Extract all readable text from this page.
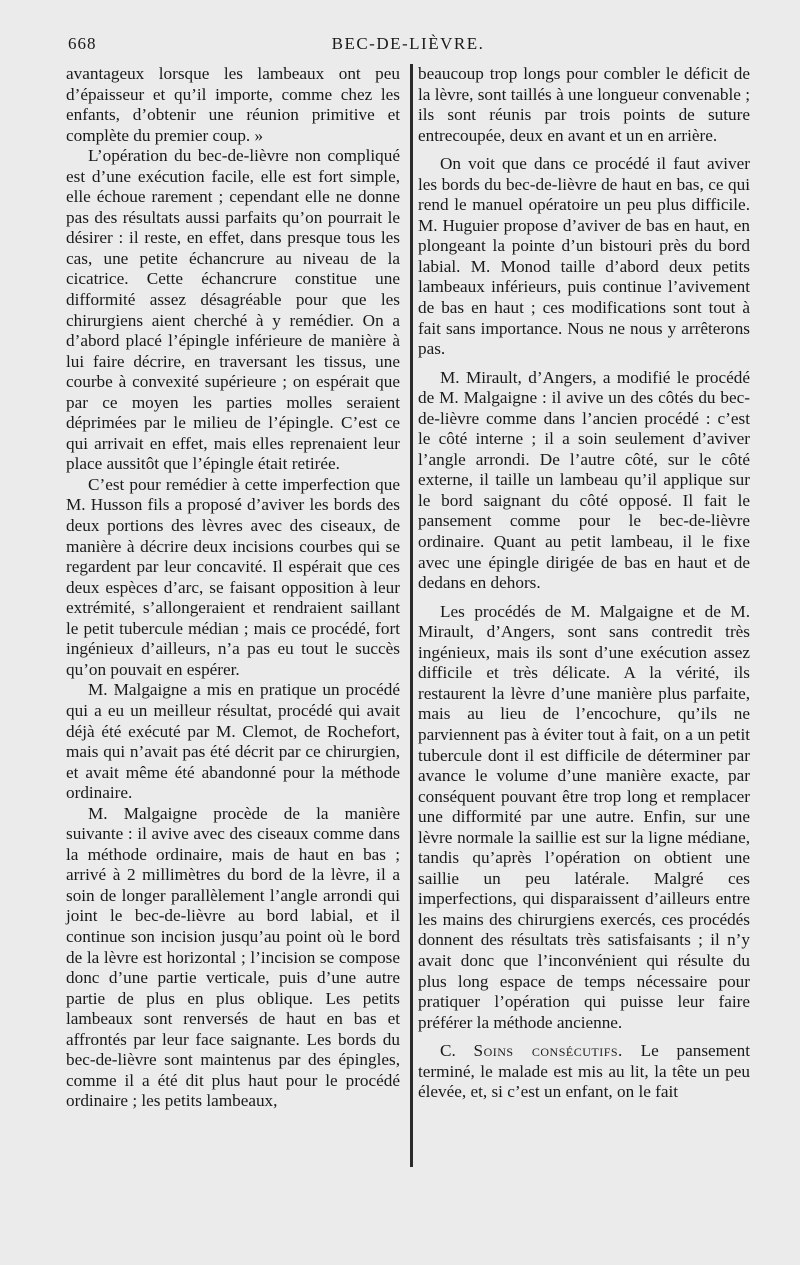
668	BEC-DE-LIÈVRE.

avantageux lorsque les lambeaux ont peu d’épaisseur et qu’il importe, comme chez les enfants, d’obtenir une réunion primitive et complète du premier coup. »

L’opération du bec-de-lièvre non compliqué est d’une exécution facile, elle est fort simple, elle échoue rarement ; cependant elle ne donne pas des résultats aussi parfaits qu’on pourrait le désirer : il reste, en effet, dans presque tous les cas, une petite échancrure au niveau de la cicatrice. Cette échancrure constitue une difformité assez désagréable pour que les chirurgiens aient cherché à y remédier. On a d’abord placé l’épingle inférieure de manière à lui faire décrire, en traversant les tissus, une courbe à convexité supérieure ; on espérait que par ce moyen les parties molles seraient déprimées par le milieu de l’épingle. C’est ce qui arrivait en effet, mais elles reprenaient leur place aussitôt que l’épingle était retirée.

C’est pour remédier à cette imperfection que M. Husson fils a proposé d’aviver les bords des deux portions des lèvres avec des ciseaux, de manière à décrire deux incisions courbes qui se regardent par leur concavité. Il espérait que ces deux espèces d’arc, se faisant opposition à leur extrémité, s’allongeraient et rendraient saillant le petit tubercule médian ; mais ce procédé, fort ingénieux d’ailleurs, n’a pas eu tout le succès qu’on pouvait en espérer.

M. Malgaigne a mis en pratique un procédé qui a eu un meilleur résultat, procédé qui avait déjà été exécuté par M. Clemot, de Rochefort, mais qui n’avait pas été décrit par ce chirurgien, et avait même été abandonné pour la méthode ordinaire.

M. Malgaigne procède de la manière suivante : il avive avec des ciseaux comme dans la méthode ordinaire, mais de haut en bas ; arrivé à 2 millimètres du bord de la lèvre, il a soin de longer parallèlement l’angle arrondi qui joint le bec-de-lièvre au bord labial, et il continue son incision jusqu’au point où le bord de la lèvre est horizontal ; l’incision se compose donc d’une partie verticale, puis d’une autre partie de plus en plus oblique. Les petits lambeaux sont renversés de haut en bas et affrontés par leur face saignante. Les bords du bec-de-lièvre sont maintenus par des épingles, comme il a été dit plus haut pour le procédé ordinaire ; les petits lambeaux,

beaucoup trop longs pour combler le déficit de la lèvre, sont taillés à une longueur convenable ; ils sont réunis par trois points de suture entrecoupée, deux en avant et un en arrière.

On voit que dans ce procédé il faut aviver les bords du bec-de-lièvre de haut en bas, ce qui rend le manuel opératoire un peu plus difficile. M. Huguier propose d’aviver de bas en haut, en plongeant la pointe d’un bistouri près du bord labial. M. Monod taille d’abord deux petits lambeaux inférieurs, puis continue l’avivement de bas en haut ; ces modifications sont tout à fait sans importance. Nous ne nous y arrêterons pas.

M. Mirault, d’Angers, a modifié le procédé de M. Malgaigne : il avive un des côtés du bec-de-lièvre comme dans l’ancien procédé : c’est le côté interne ; il a soin seulement d’aviver l’angle arrondi. De l’autre côté, sur le côté externe, il taille un lambeau qu’il applique sur le bord saignant du côté opposé. Il fait le pansement comme pour le bec-de-lièvre ordinaire. Quant au petit lambeau, il le fixe avec une épingle dirigée de bas en haut et de dedans en dehors.

Les procédés de M. Malgaigne et de M. Mirault, d’Angers, sont sans contredit très ingénieux, mais ils sont d’une exécution assez difficile et très délicate. A la vérité, ils restaurent la lèvre d’une manière plus parfaite, mais au lieu de l’encochure, qu’ils ne parviennent pas à éviter tout à fait, on a un petit tubercule dont il est difficile de déterminer par avance le volume d’une manière exacte, par conséquent pouvant être trop long et remplacer une difformité par une autre. Enfin, sur une lèvre normale la saillie est sur la ligne médiane, tandis qu’après l’opération on obtient une saillie un peu latérale. Malgré ces imperfections, qui disparaissent d’ailleurs entre les mains des chirurgiens exercés, ces procédés donnent des résultats très satisfaisants ; il n’y avait donc que l’inconvénient qui résulte du plus long espace de temps nécessaire pour pratiquer l’opération qui puisse leur faire préférer la méthode ancienne.

C. Soins consécutifs. Le pansement terminé, le malade est mis au lit, la tête un peu élevée, et, si c’est un enfant, on le fait
